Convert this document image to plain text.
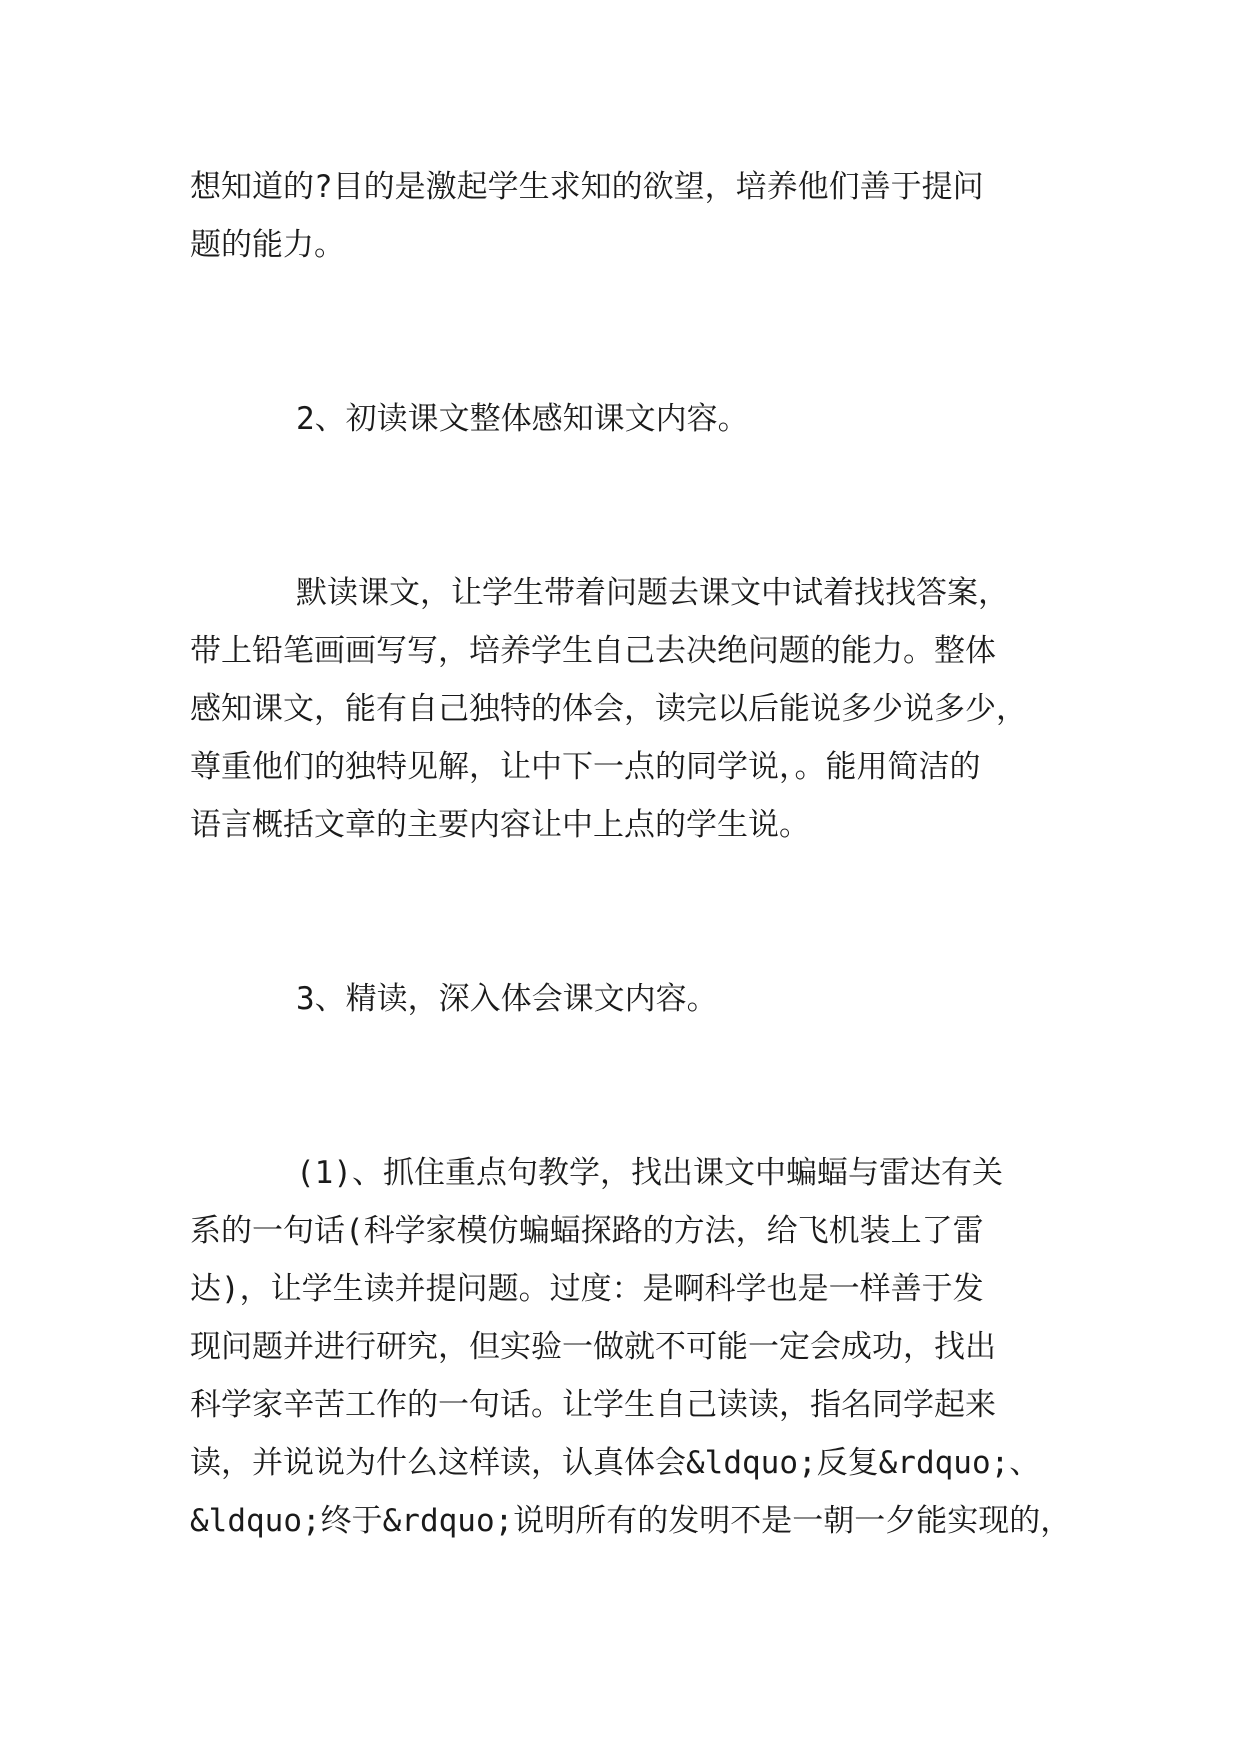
想知道的?目的是激起学生求知的欲望，培养他们善于提问
题的能力。
2、初读课文整体感知课文内容。
默读课文，让学生带着问题去课文中试着找找答案，
带上铅笔画画写写，培养学生自己去决绝问题的能力。整体
感知课文，能有自己独特的体会，读完以后能说多少说多少，
尊重他们的独特见解，让中下一点的同学说，。能用简洁的
语言概括文章的主要内容让中上点的学生说。
3、精读，深入体会课文内容。
(1)、抓住重点句教学，找出课文中蝙蝠与雷达有关
系的一句话(科学家模仿蝙蝠探路的方法，给飞机装上了雷
达)，让学生读并提问题。过度：是啊科学也是一样善于发
现问题并进行研究，但实验一做就不可能一定会成功，找出
科学家辛苦工作的一句话。让学生自己读读，指名同学起来
读，并说说为什么这样读，认真体会&ldquo;反复&rdquo;、
&ldquo;终于&rdquo;说明所有的发明不是一朝一夕能实现的，
